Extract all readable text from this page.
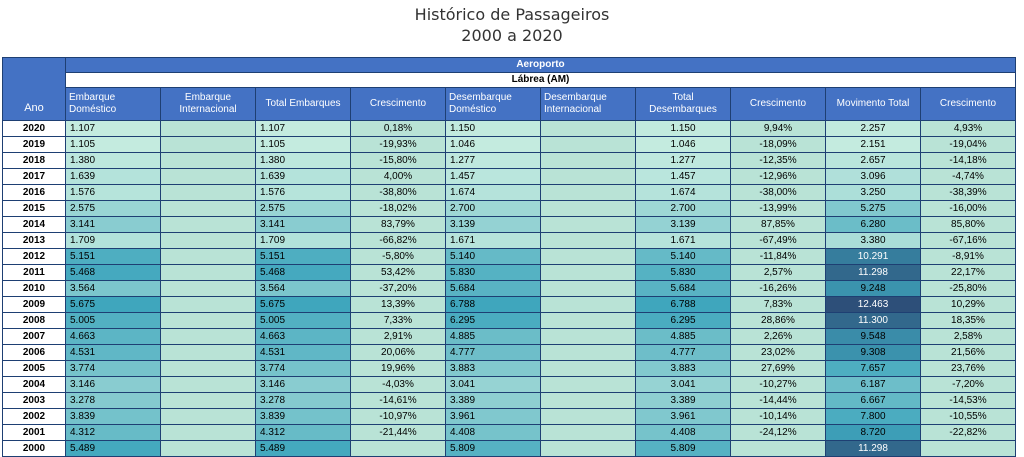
Histórico de Passageiros
2000 a 2020
Ano	Aeroporto									
	Lábrea (AM)									
	Embarque Doméstico	Embarque Internacional	Total Embarques	Crescimento	Desembarque Doméstico	Desembarque Internacional	Total Desembarques	Crescimento	Movimento Total	Crescimento
2020	1.107		1.107	0,18%	1.150		1.150	9,94%	2.257	4,93%
2019	1.105		1.105	-19,93%	1.046		1.046	-18,09%	2.151	-19,04%
2018	1.380		1.380	-15,80%	1.277		1.277	-12,35%	2.657	-14,18%
2017	1.639		1.639	4,00%	1.457		1.457	-12,96%	3.096	-4,74%
2016	1.576		1.576	-38,80%	1.674		1.674	-38,00%	3.250	-38,39%
2015	2.575		2.575	-18,02%	2.700		2.700	-13,99%	5.275	-16,00%
2014	3.141		3.141	83,79%	3.139		3.139	87,85%	6.280	85,80%
2013	1.709		1.709	-66,82%	1.671		1.671	-67,49%	3.380	-67,16%
2012	5.151		5.151	-5,80%	5.140		5.140	-11,84%	10.291	-8,91%
2011	5.468		5.468	53,42%	5.830		5.830	2,57%	11.298	22,17%
2010	3.564		3.564	-37,20%	5.684		5.684	-16,26%	9.248	-25,80%
2009	5.675		5.675	13,39%	6.788		6.788	7,83%	12.463	10,29%
2008	5.005		5.005	7,33%	6.295		6.295	28,86%	11.300	18,35%
2007	4.663		4.663	2,91%	4.885		4.885	2,26%	9.548	2,58%
2006	4.531		4.531	20,06%	4.777		4.777	23,02%	9.308	21,56%
2005	3.774		3.774	19,96%	3.883		3.883	27,69%	7.657	23,76%
2004	3.146		3.146	-4,03%	3.041		3.041	-10,27%	6.187	-7,20%
2003	3.278		3.278	-14,61%	3.389		3.389	-14,44%	6.667	-14,53%
2002	3.839		3.839	-10,97%	3.961		3.961	-10,14%	7.800	-10,55%
2001	4.312		4.312	-21,44%	4.408		4.408	-24,12%	8.720	-22,82%
2000	5.489		5.489		5.809		5.809		11.298	
